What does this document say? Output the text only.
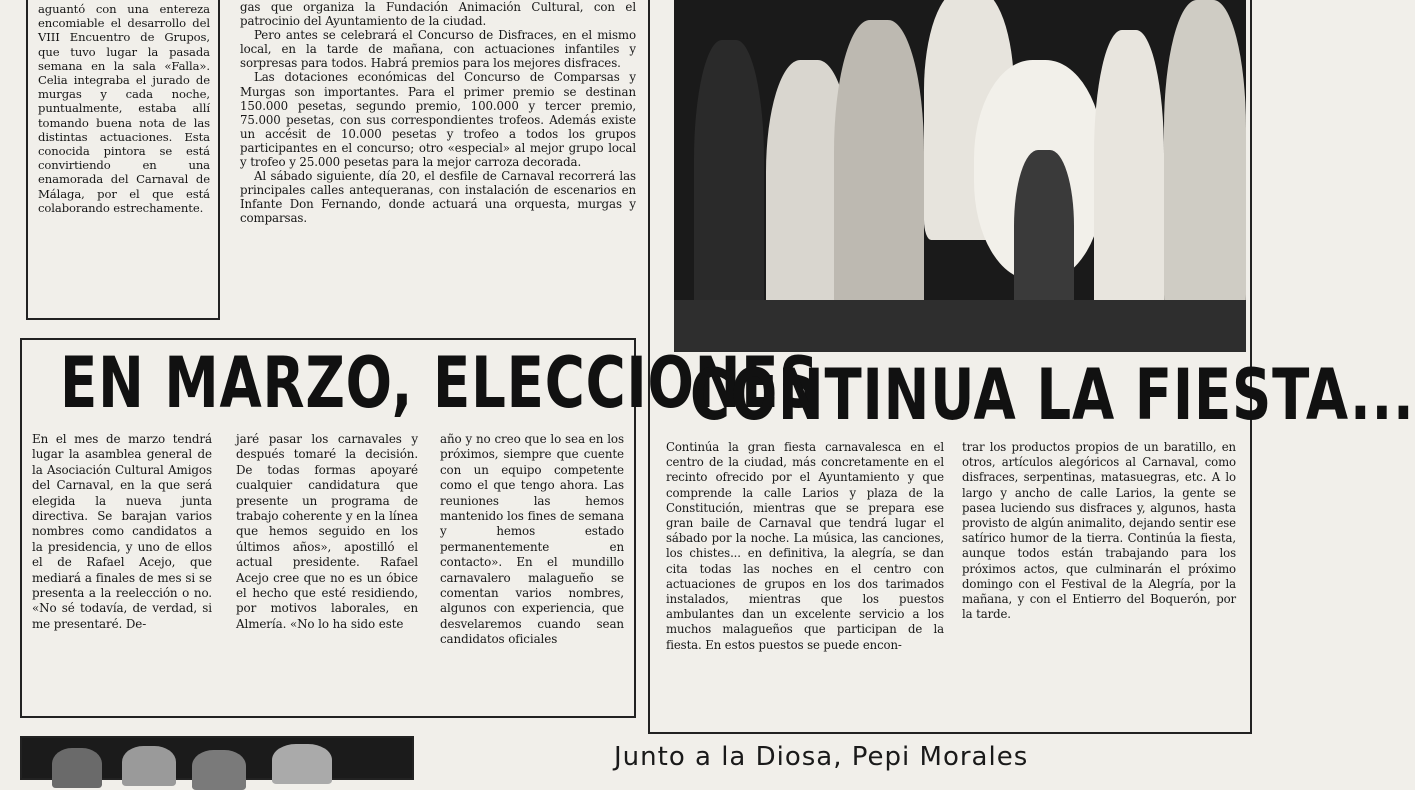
aguantó con una entereza encomiable el desarrollo del VIII Encuentro de Grupos, que tuvo lugar la pasada semana en la sala «Falla». Celia integraba el jurado de murgas y cada noche, puntualmente, estaba allí tomando buena nota de las distintas actuaciones. Esta conocida pintora se está convirtiendo en una enamorada del Carnaval de Málaga, por el que está colaborando estrechamente.

gas que organiza la Fundación Animación Cultural, con el patrocinio del Ayuntamiento de la ciudad.

Pero antes se celebrará el Concurso de Disfraces, en el mismo local, en la tarde de mañana, con actuaciones infantiles y sorpresas para todos. Habrá premios para los mejores disfraces.

Las dotaciones económicas del Concurso de Comparsas y Murgas son importantes. Para el primer premio se destinan 150.000 pesetas, segundo premio, 100.000 y tercer premio, 75.000 pesetas, con sus correspondientes trofeos. Además existe un accésit de 10.000 pesetas y trofeo a todos los grupos participantes en el concurso; otro «especial» al mejor grupo local y trofeo y 25.000 pesetas para la mejor carroza decorada.

Al sábado siguiente, día 20, el desfile de Carnaval recorrerá las principales calles antequeranas, con instalación de escenarios en Infante Don Fernando, donde actuará una orquesta, murgas y comparsas.

EN MARZO, ELECCIONES
En el mes de marzo tendrá lugar la asamblea general de la Asociación Cultural Amigos del Carnaval, en la que será elegida la nueva junta directiva. Se barajan varios nombres como candidatos a la presidencia, y uno de ellos el de Rafael Acejo, que mediará a finales de mes si se presenta a la reelección o no. «No sé todavía, de verdad, si me presentaré. De-
jaré pasar los carnavales y después tomaré la decisión. De todas formas apoyaré cualquier candidatura que presente un programa de trabajo coherente y en la línea que hemos seguido en los últimos años», apostilló el actual presidente. Rafael Acejo cree que no es un óbice el hecho que esté residiendo, por motivos laborales, en Almería. «No lo ha sido este
año y no creo que lo sea en los próximos, siempre que cuente con un equipo competente como el que tengo ahora. Las reuniones las hemos mantenido los fines de semana y hemos estado permanentemente en contacto». En el mundillo carnavalero malagueño se comentan varios nombres, algunos con experiencia, que desvelaremos cuando sean candidatos oficiales
CONTINUA LA FIESTA...
Continúa la gran fiesta carnavalesca en el centro de la ciudad, más concretamente en el recinto ofrecido por el Ayuntamiento y que comprende la calle Larios y plaza de la Constitución, mientras que se prepara ese gran baile de Carnaval que tendrá lugar el sábado por la noche. La música, las canciones, los chistes... en definitiva, la alegría, se dan cita todas las noches en el centro con actuaciones de grupos en los dos tarimados instalados, mientras que los puestos ambulantes dan un excelente servicio a los muchos malagueños que participan de la fiesta. En estos puestos se puede encon-
trar los productos propios de un baratillo, en otros, artículos alegóricos al Carnaval, como disfraces, serpentinas, matasuegras, etc. A lo largo y ancho de calle Larios, la gente se pasea luciendo sus disfraces y, algunos, hasta provisto de algún animalito, dejando sentir ese satírico humor de la tierra. Continúa la fiesta, aunque todos están trabajando para los próximos actos, que culminarán el próximo domingo con el Festival de la Alegría, por la mañana, y con el Entierro del Boquerón, por la tarde.
Junto a la Diosa, Pepi Morales
